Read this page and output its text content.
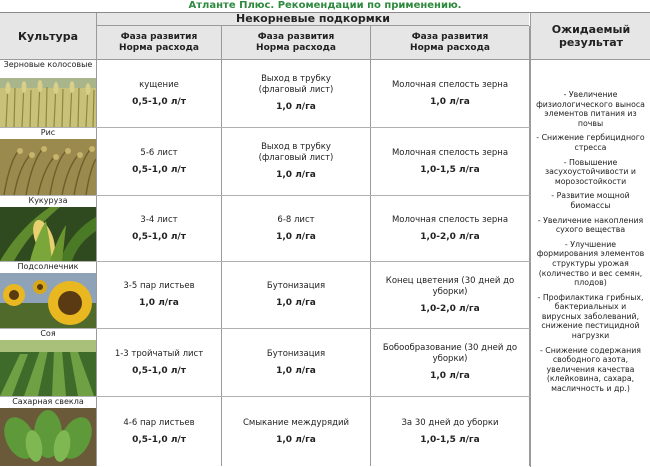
Атланте Плюс. Рекомендации по применению.
Культура
Некорневые подкормки
Фаза развития
Норма расхода
Фаза развития
Норма расхода
Фаза развития
Норма расхода
Ожидаемый результат
Зерновые колосовые
кущение
0,5-1,0 л/т
Выход в трубку
(флаговый лист)
1,0 л/га
Молочная спелость зерна
1,0 л/га
Рис
5-6 лист
0,5-1,0 л/т
Выход в трубку
(флаговый лист)
1,0 л/га
Молочная спелость зерна
1,0-1,5 л/га
Кукуруза
3-4 лист
0,5-1,0 л/т
6-8 лист
1,0 л/га
Молочная спелость зерна
1,0-2,0 л/га
Подсолнечник
3-5 пар листьев
1,0 л/га
Бутонизация
1,0 л/га
Конец цветения (30 дней до уборки)
1,0-2,0 л/га
Соя
1-3 тройчатый лист
0,5-1,0 л/т
Бутонизация
1,0 л/га
Бобообразование (30 дней до уборки)
1,0 л/га
Сахарная свекла
4-6 пар листьев
0,5-1,0 л/т
Смыкание междурядий
1,0 л/га
За 30 дней до уборки
1,0-1,5 л/га
- Увеличение физиологического выноса элементов питания из почвы
- Снижение гербицидного стресса
- Повышение засухоустойчивости и морозостойкости
- Развитие мощной биомассы
- Увеличение накопления сухого вещества
- Улучшение формирования элементов структуры урожая (количество и вес семян, плодов)
- Профилактика грибных, бактериальных и вирусных заболеваний, снижение пестицидной нагрузки
- Снижение содержания свободного азота, увеличения качества (клейковина, сахара, масличность и др.)
